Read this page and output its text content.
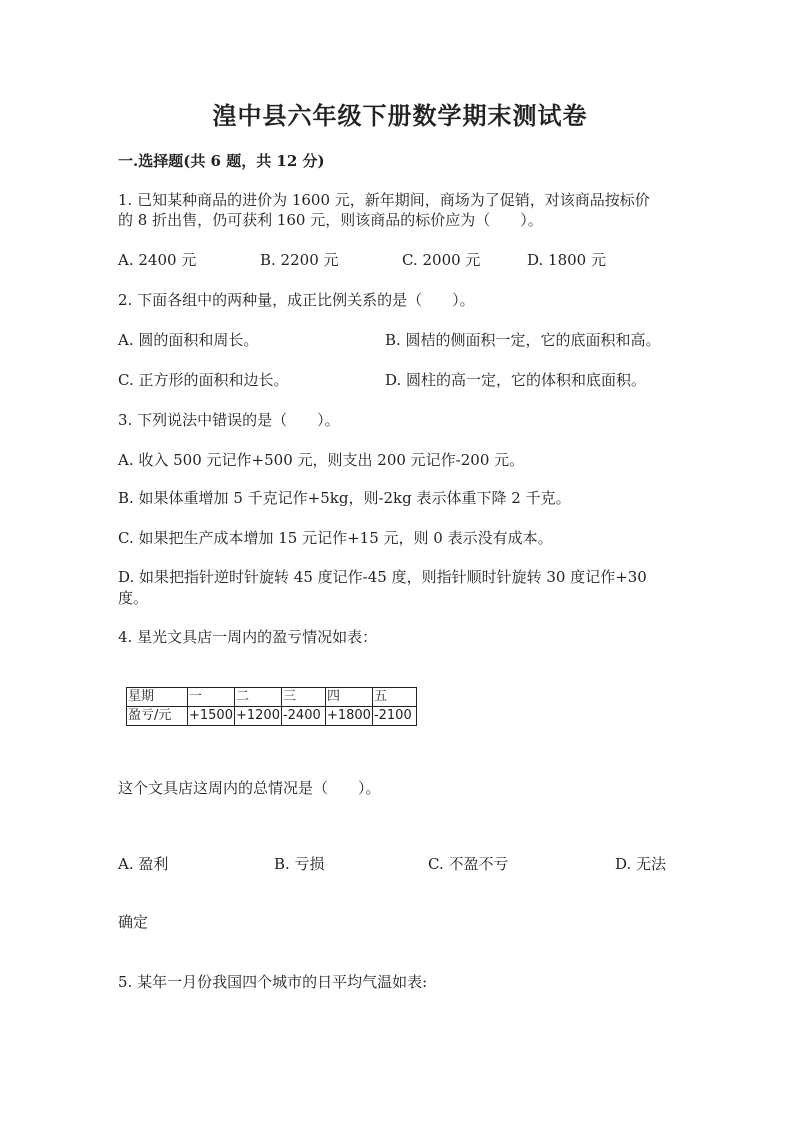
湟中县六年级下册数学期末测试卷
一.选择题(共 6 题，共 12 分)
1. 已知某种商品的进价为 1600 元，新年期间，商场为了促销，对该商品按标价
的 8 折出售，仍可获利 160 元，则该商品的标价应为（　　）。
A. 2400 元	B. 2200 元	C. 2000 元	D. 1800 元
2. 下面各组中的两种量，成正比例关系的是（　　）。
A. 圆的面积和周长。	B. 圆桔的侧面积一定，它的底面积和高。
C. 正方形的面积和边长。	D. 圆柱的高一定，它的体积和底面积。
3. 下列说法中错误的是（　　）。
A. 收入 500 元记作+500 元，则支出 200 元记作-200 元。
B. 如果体重增加 5 千克记作+5kg，则-2kg 表示体重下降 2 千克。
C. 如果把生产成本增加 15 元记作+15 元，则 0 表示没有成本。
D. 如果把指针逆时针旋转 45 度记作-45 度，则指针顺时针旋转 30 度记作+30
度。
4. 星光文具店一周内的盈亏情况如表：
星期	一	二	三	四	五
盈亏/元	+1500	+1200	-2400	+1800	-2100
这个文具店这周内的总情况是（　　）。
A. 盈利	B. 亏损	C. 不盈不亏	D. 无法
确定
5. 某年一月份我国四个城市的日平均气温如表:
